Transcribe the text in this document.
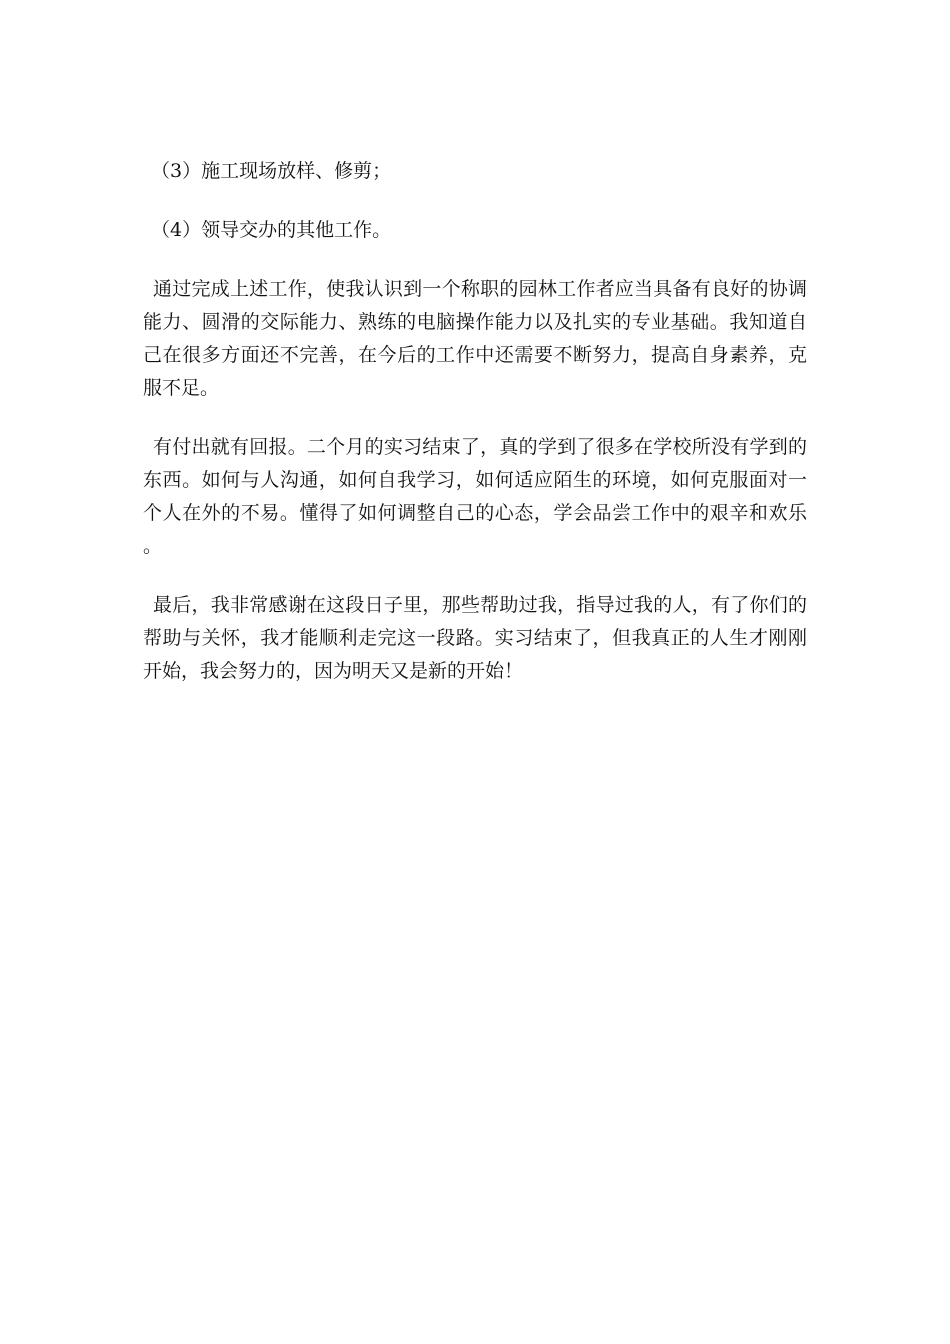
（3）施工现场放样、修剪；
（4）领导交办的其他工作。

通过完成上述工作，使我认识到一个称职的园林工作者应当具备有良好的协调能力、圆滑的交际能力、熟练的电脑操作能力以及扎实的专业基础。我知道自己在很多方面还不完善，在今后的工作中还需要不断努力，提高自身素养，克服不足。

有付出就有回报。二个月的实习结束了，真的学到了很多在学校所没有学到的东西。如何与人沟通，如何自我学习，如何适应陌生的环境，如何克服面对一个人在外的不易。懂得了如何调整自己的心态，学会品尝工作中的艰辛和欢乐。

最后，我非常感谢在这段日子里，那些帮助过我，指导过我的人，有了你们的帮助与关怀，我才能顺利走完这一段路。实习结束了，但我真正的人生才刚刚开始，我会努力的，因为明天又是新的开始！
